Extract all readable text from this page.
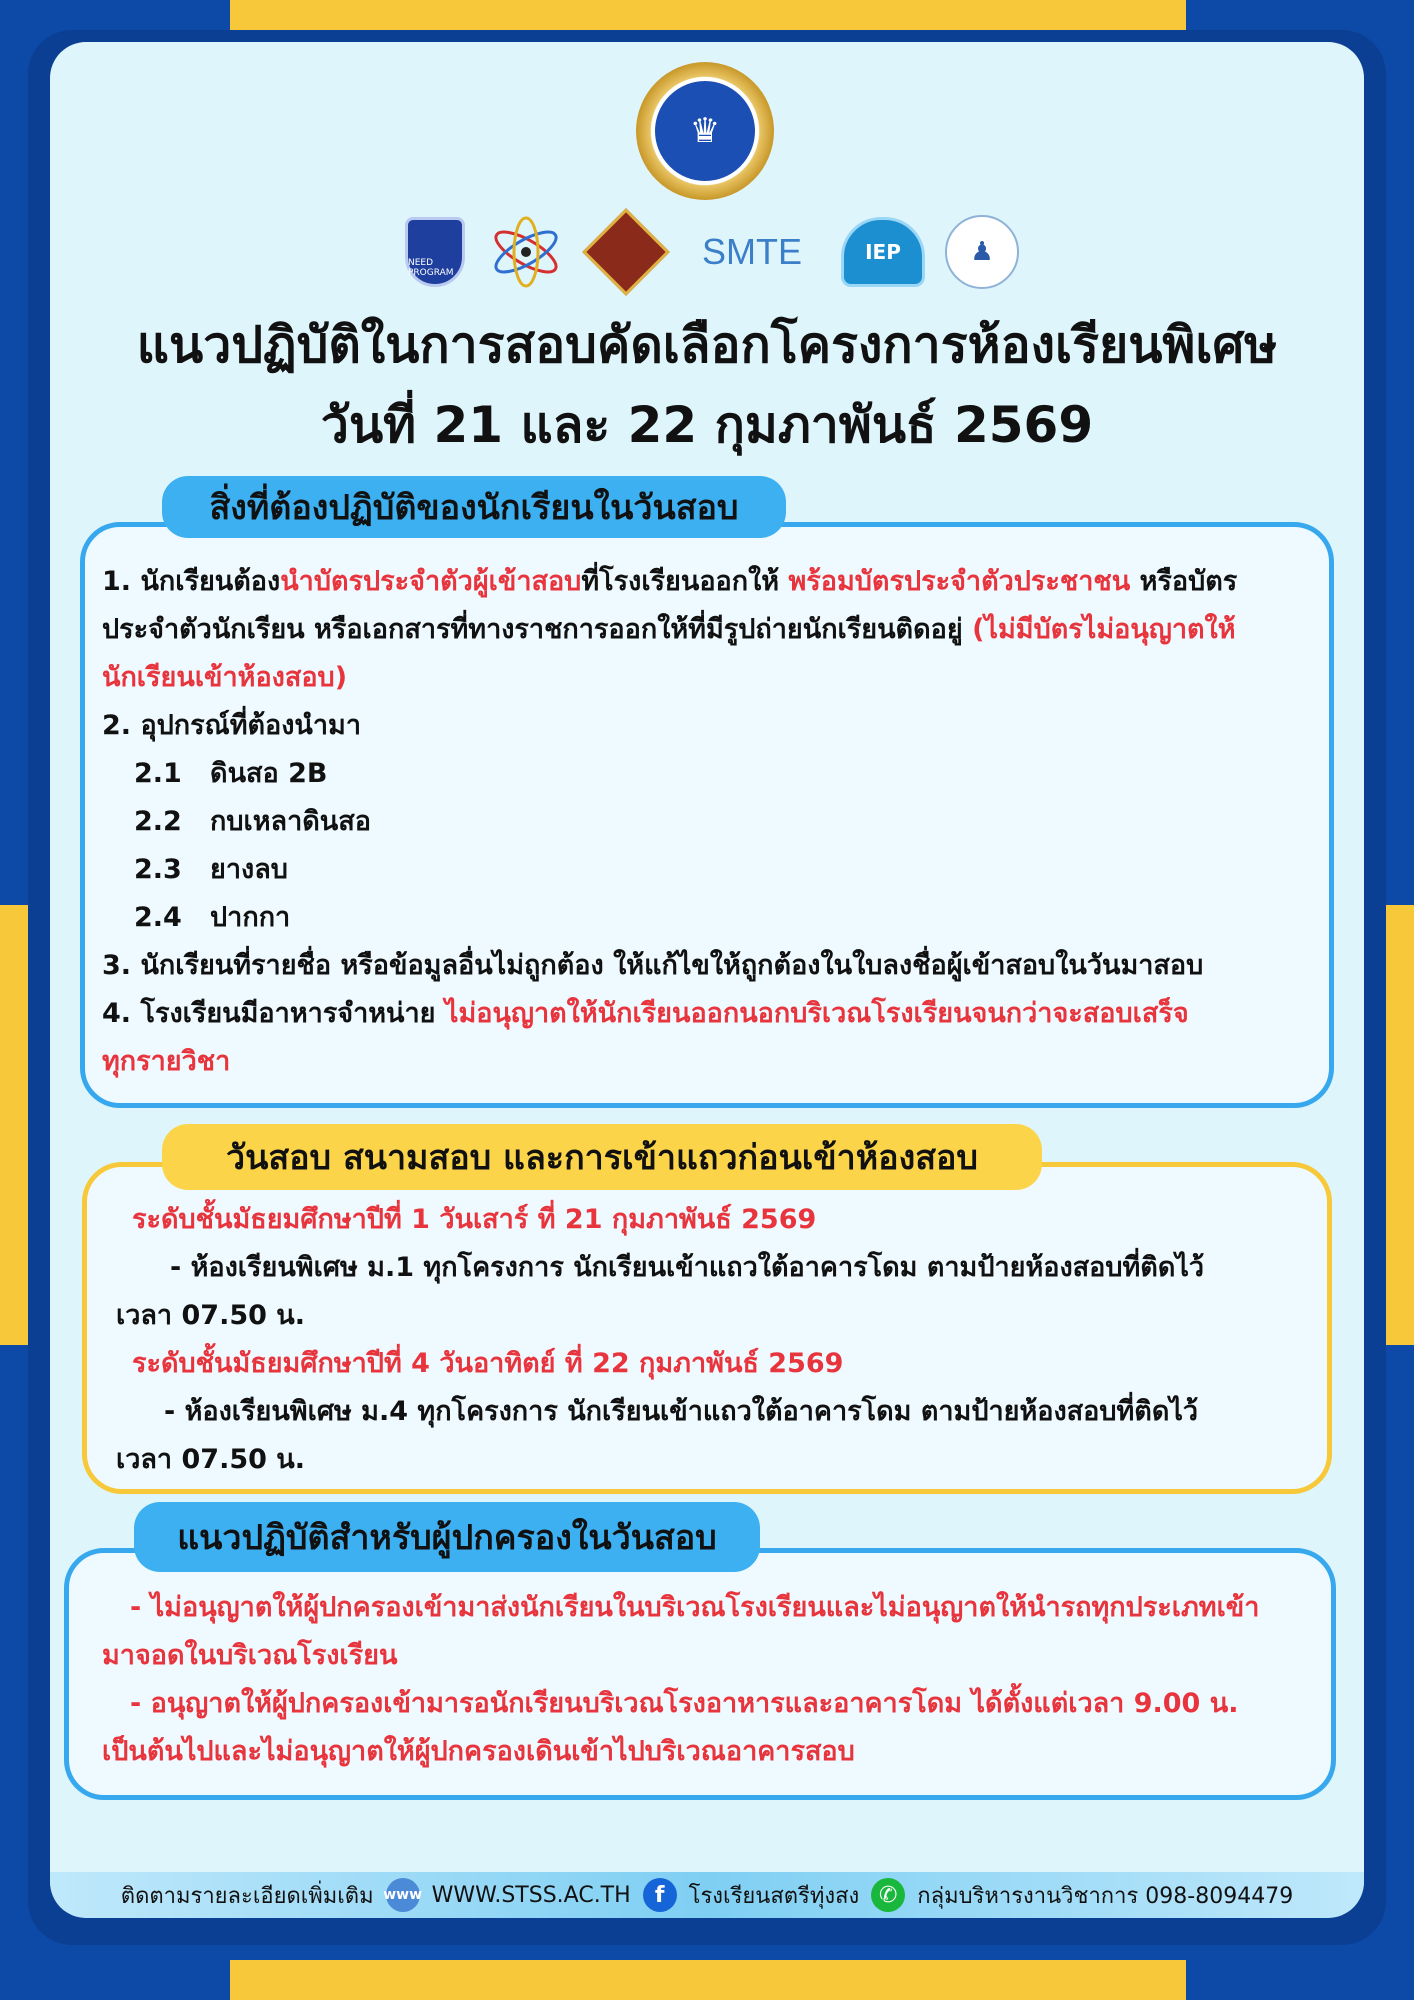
♛
NEED PROGRAM
SMTE	IEP	♟
แนวปฏิบัติในการสอบคัดเลือกโครงการห้องเรียนพิเศษ
วันที่ 21 และ 22 กุมภาพันธ์ 2569
สิ่งที่ต้องปฏิบัติของนักเรียนในวันสอบ
1. นักเรียนต้องนำบัตรประจำตัวผู้เข้าสอบที่โรงเรียนออกให้ พร้อมบัตรประจำตัวประชาชน หรือบัตร
ประจำตัวนักเรียน หรือเอกสารที่ทางราชการออกให้ที่มีรูปถ่ายนักเรียนติดอยู่ (ไม่มีบัตรไม่อนุญาตให้
นักเรียนเข้าห้องสอบ)
2. อุปกรณ์ที่ต้องนำมา
2.1 ดินสอ 2B
2.2 กบเหลาดินสอ
2.3 ยางลบ
2.4 ปากกา
3. นักเรียนที่รายชื่อ หรือข้อมูลอื่นไม่ถูกต้อง ให้แก้ไขให้ถูกต้องในใบลงชื่อผู้เข้าสอบในวันมาสอบ
4. โรงเรียนมีอาหารจำหน่าย ไม่อนุญาตให้นักเรียนออกนอกบริเวณโรงเรียนจนกว่าจะสอบเสร็จ
ทุกรายวิชา
วันสอบ สนามสอบ และการเข้าแถวก่อนเข้าห้องสอบ
ระดับชั้นมัธยมศึกษาปีที่ 1 วันเสาร์ ที่ 21 กุมภาพันธ์ 2569
- ห้องเรียนพิเศษ ม.1 ทุกโครงการ นักเรียนเข้าแถวใต้อาคารโดม ตามป้ายห้องสอบที่ติดไว้
เวลา 07.50 น.
ระดับชั้นมัธยมศึกษาปีที่ 4 วันอาทิตย์ ที่ 22 กุมภาพันธ์ 2569
- ห้องเรียนพิเศษ ม.4 ทุกโครงการ นักเรียนเข้าแถวใต้อาคารโดม ตามป้ายห้องสอบที่ติดไว้
เวลา 07.50 น.
แนวปฏิบัติสำหรับผู้ปกครองในวันสอบ
- ไม่อนุญาตให้ผู้ปกครองเข้ามาส่งนักเรียนในบริเวณโรงเรียนและไม่อนุญาตให้นำรถทุกประเภทเข้า
มาจอดในบริเวณโรงเรียน
- อนุญาตให้ผู้ปกครองเข้ามารอนักเรียนบริเวณโรงอาหารและอาคารโดม ได้ตั้งแต่เวลา 9.00 น.
เป็นต้นไปและไม่อนุญาตให้ผู้ปกครองเดินเข้าไปบริเวณอาคารสอบ
ติดตามรายละเอียดเพิ่มเติม www WWW.STSS.AC.TH	f	โรงเรียนสตรีทุ่งสง ✆ กลุ่มบริหารงานวิชาการ 098-8094479
